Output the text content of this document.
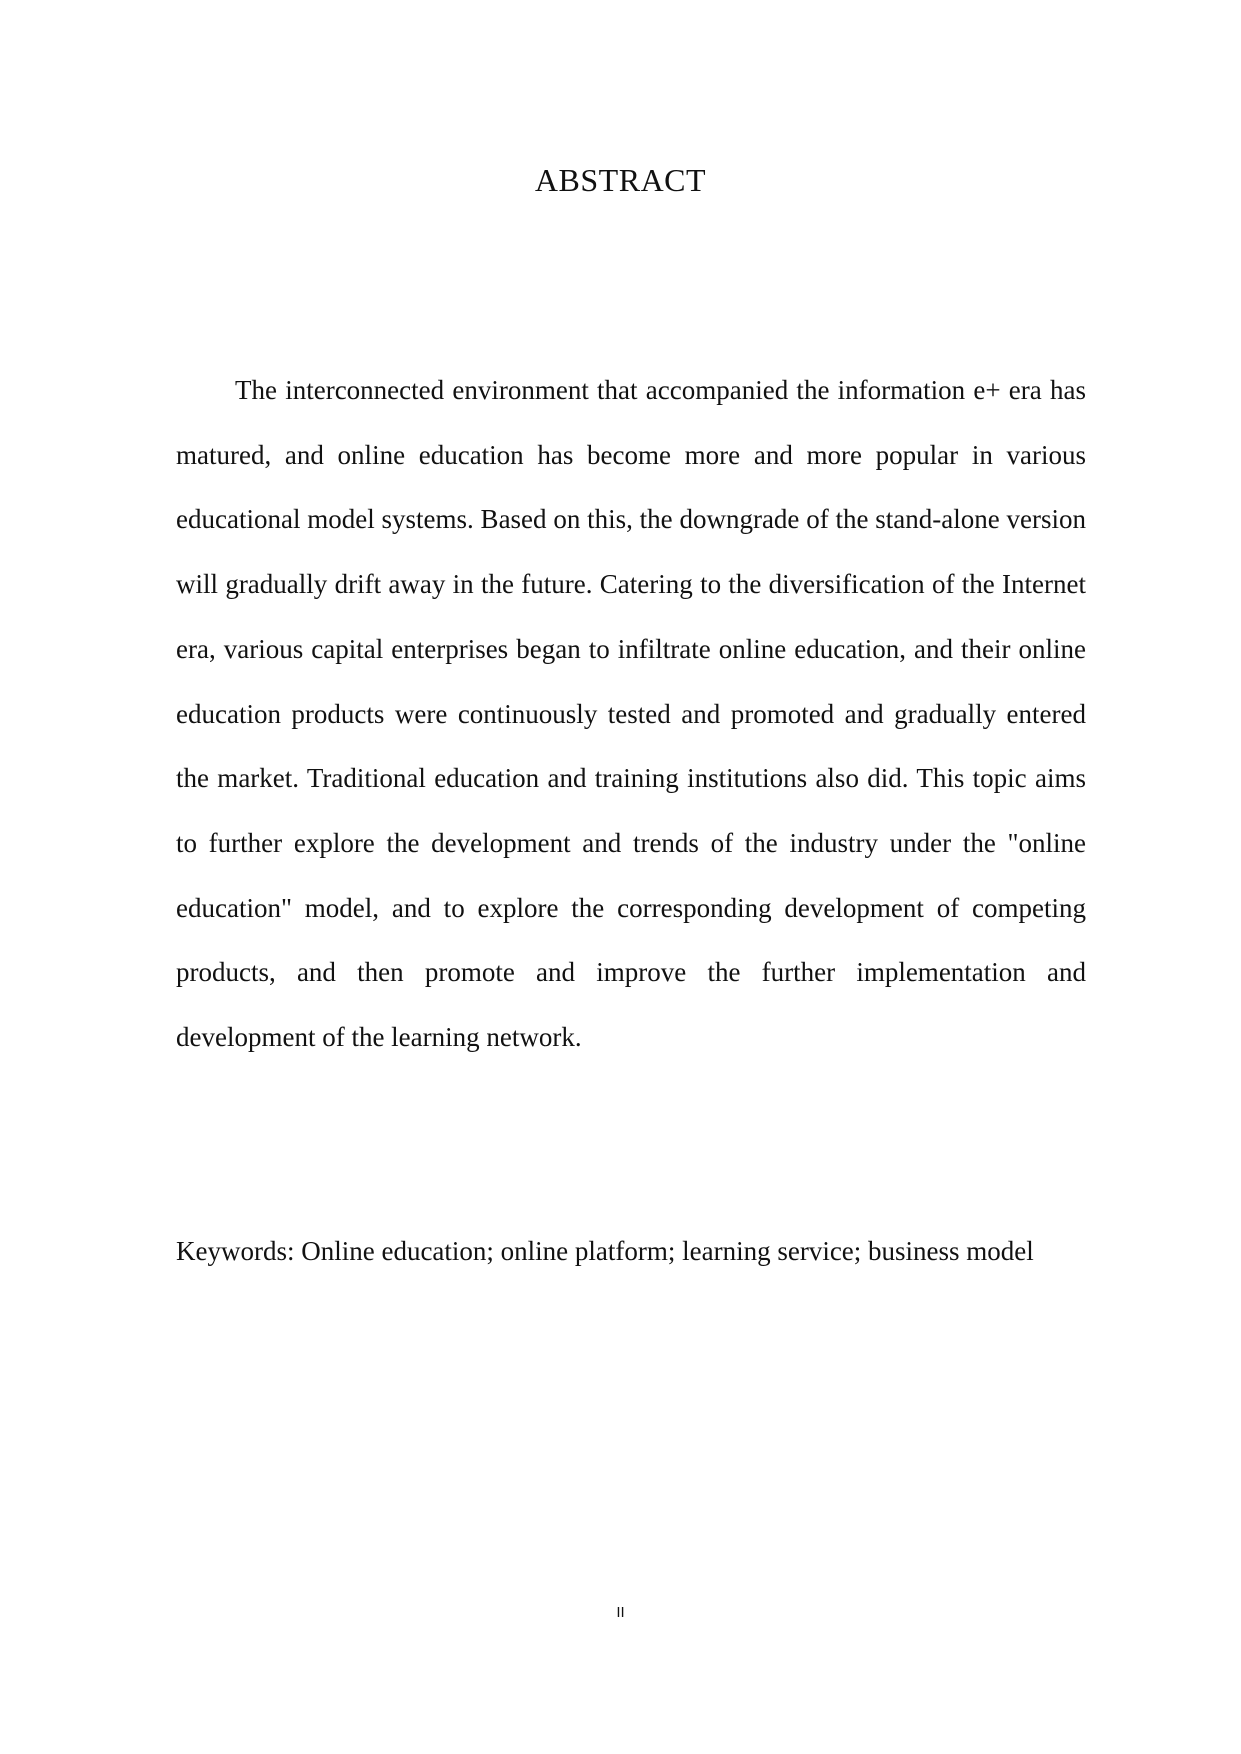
ABSTRACT

The interconnected environment that accompanied the information e+ era has matured, and online education has become more and more popular in various educational model systems. Based on this, the downgrade of the stand-alone version will gradually drift away in the future. Catering to the diversification of the Internet era, various capital enterprises began to infiltrate online education, and their online education products were continuously tested and promoted and gradually entered the market. Traditional education and training institutions also did. This topic aims to further explore the development and trends of the industry under the "online education" model, and to explore the corresponding development of competing products, and then promote and improve the further implementation and development of the learning network.

Keywords: Online education; online platform; learning service; business model

II
